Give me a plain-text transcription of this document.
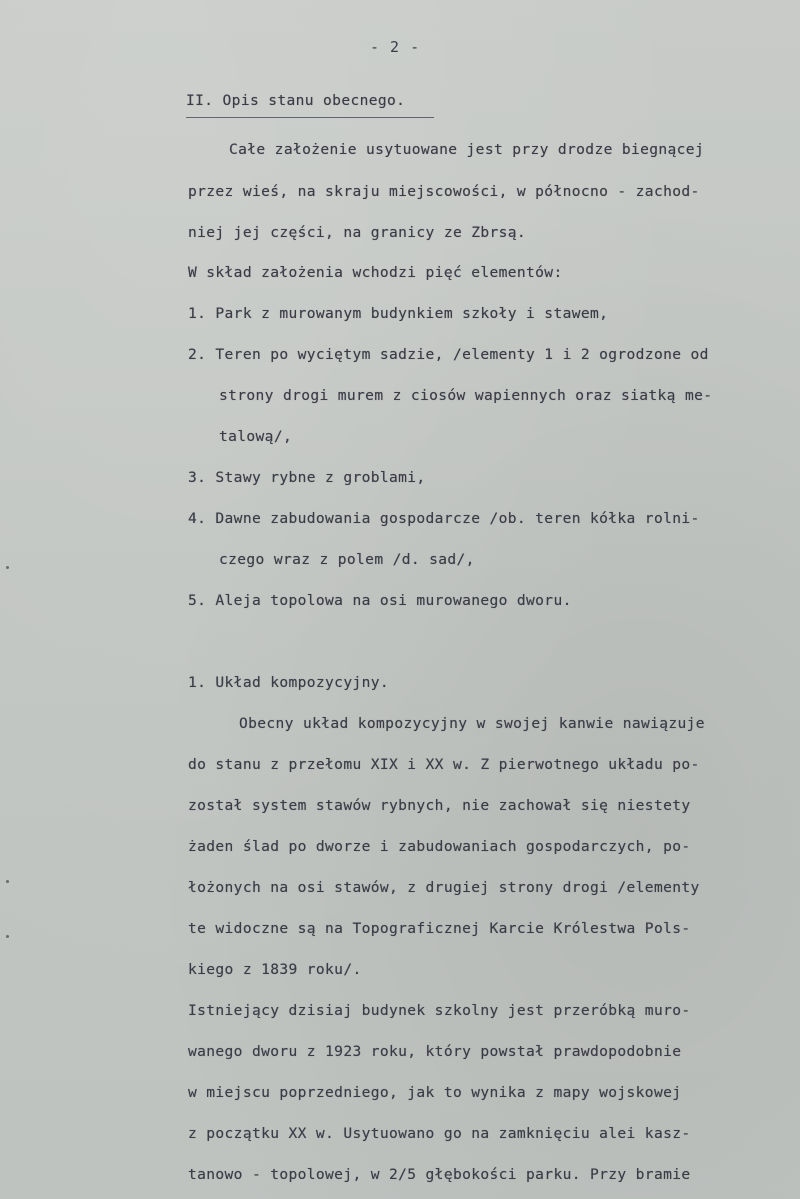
- 2 -
II. Opis stanu obecnego.
Całe założenie usytuowane jest przy drodze biegnącej
przez wieś, na skraju miejscowości, w północno - zachod-
niej jej części, na granicy ze Zbrsą.
W skład założenia wchodzi pięć elementów:
1. Park z murowanym budynkiem szkoły i stawem,
2. Teren po wyciętym sadzie, /elementy 1 i 2 ogrodzone od
strony drogi murem z ciosów wapiennych oraz siatką me-
talową/,
3. Stawy rybne z groblami,
4. Dawne zabudowania gospodarcze /ob. teren kółka rolni-
czego wraz z polem /d. sad/,
5. Aleja topolowa na osi murowanego dworu.
1. Układ kompozycyjny.
Obecny układ kompozycyjny w swojej kanwie nawiązuje
do stanu z przełomu XIX i XX w. Z pierwotnego układu po-
został system stawów rybnych, nie zachował się niestety
żaden ślad po dworze i zabudowaniach gospodarczych, po-
łożonych na osi stawów, z drugiej strony drogi /elementy
te widoczne są na Topograficznej Karcie Królestwa Pols-
kiego z 1839 roku/.
Istniejący dzisiaj budynek szkolny jest przeróbką muro-
wanego dworu z 1923 roku, który powstał prawdopodobnie
w miejscu poprzedniego, jak to wynika z mapy wojskowej
z początku XX w. Usytuowano go na zamknięciu alei kasz-
tanowo - topolowej, w 2/5 głębokości parku. Przy bramie
